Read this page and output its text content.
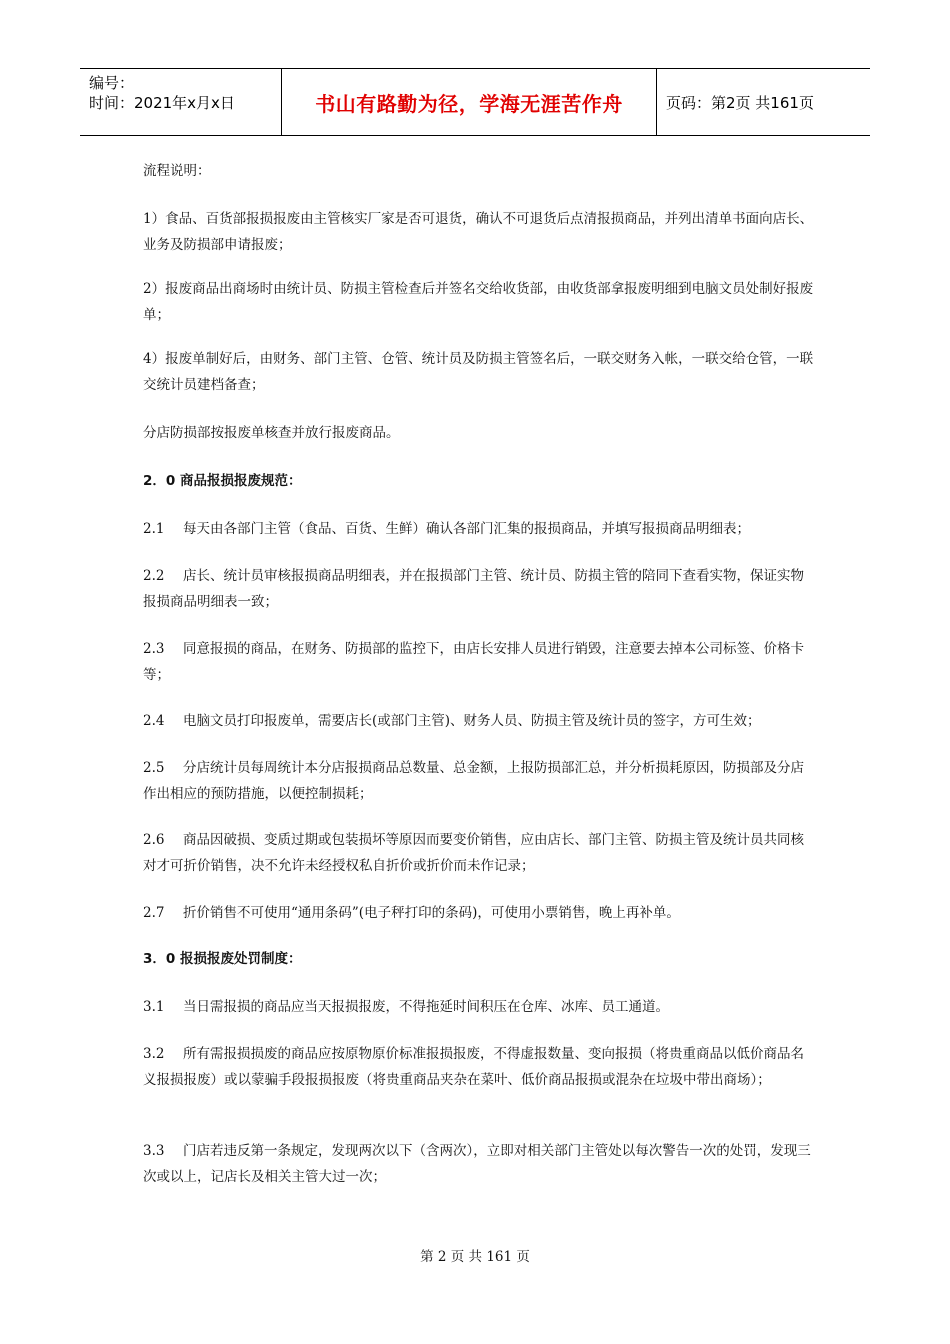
编号：
时间：2021年x月x日	书山有路勤为径，学海无涯苦作舟	页码：第2页 共161页

流程说明：

1）食品、百货部报损报废由主管核实厂家是否可退货，确认不可退货后点清报损商品，并列出清单书面向店长、业务及防损部申请报废；

2）报废商品出商场时由统计员、防损主管检查后并签名交给收货部，由收货部拿报废明细到电脑文员处制好报废单；

4）报废单制好后，由财务、部门主管、仓管、统计员及防损主管签名后，一联交财务入帐，一联交给仓管，一联交统计员建档备查；

分店防损部按报废单核查并放行报废商品。

2．0 商品报损报废规范：

2.1 每天由各部门主管（食品、百货、生鲜）确认各部门汇集的报损商品，并填写报损商品明细表；

2.2 店长、统计员审核报损商品明细表，并在报损部门主管、统计员、防损主管的陪同下查看实物，保证实物报损商品明细表一致；

2.3 同意报损的商品，在财务、防损部的监控下，由店长安排人员进行销毁，注意要去掉本公司标签、价格卡等；

2.4 电脑文员打印报废单，需要店长(或部门主管)、财务人员、防损主管及统计员的签字，方可生效；

2.5 分店统计员每周统计本分店报损商品总数量、总金额，上报防损部汇总，并分析损耗原因，防损部及分店作出相应的预防措施，以便控制损耗；

2.6 商品因破损、变质过期或包装损坏等原因而要变价销售，应由店长、部门主管、防损主管及统计员共同核对才可折价销售，决不允许未经授权私自折价或折价而未作记录；

2.7 折价销售不可使用“通用条码”(电子秤打印的条码)，可使用小票销售，晚上再补单。

3．0 报损报废处罚制度：

3.1 当日需报损的商品应当天报损报废，不得拖延时间积压在仓库、冰库、员工通道。

3.2 所有需报损损废的商品应按原物原价标准报损报废，不得虚报数量、变向报损（将贵重商品以低价商品名义报损报废）或以蒙骗手段报损报废（将贵重商品夹杂在菜叶、低价商品报损或混杂在垃圾中带出商场）；

3.3 门店若违反第一条规定，发现两次以下（含两次），立即对相关部门主管处以每次警告一次的处罚，发现三次或以上，记店长及相关主管大过一次；

第 2 页 共 161 页
